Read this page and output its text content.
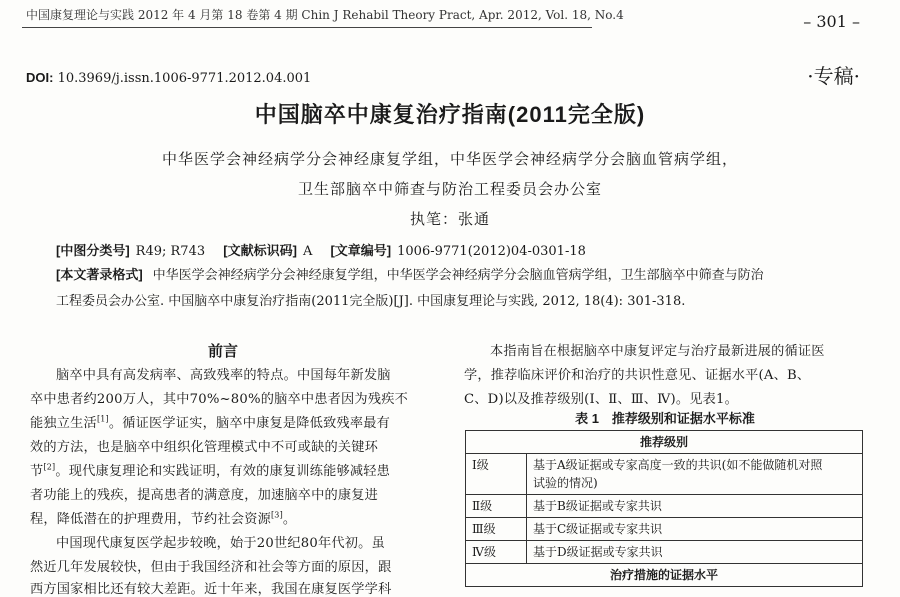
中国康复理论与实践 2012 年 4 月第 18 卷第 4 期 Chin J Rehabil Theory Pract, Apr. 2012, Vol. 18, No.4	– 301 –
DOI: 10.3969/j.issn.1006-9771.2012.04.001	·专稿·
中国脑卒中康复治疗指南(2011完全版)
中华医学会神经病学分会神经康复学组，中华医学会神经病学分会脑血管病学组，
卫生部脑卒中筛查与防治工程委员会办公室
执笔：张通
[中图分类号] R49; R743 [文献标识码] A [文章编号] 1006-9771(2012)04-0301-18
[本文著录格式] 中华医学会神经病学分会神经康复学组，中华医学会神经病学分会脑血管病学组，卫生部脑卒中筛查与防治
工程委员会办公室. 中国脑卒中康复治疗指南(2011完全版)[J]. 中国康复理论与实践, 2012, 18(4): 301-318.
前言
脑卒中具有高发病率、高致残率的特点。中国每年新发脑
卒中患者约200万人，其中70%~80%的脑卒中患者因为残疾不
能独立生活[1]。循证医学证实，脑卒中康复是降低致残率最有
效的方法，也是脑卒中组织化管理模式中不可或缺的关键环
节[2]。现代康复理论和实践证明，有效的康复训练能够减轻患
者功能上的残疾，提高患者的满意度，加速脑卒中的康复进
程，降低潜在的护理费用，节约社会资源[3]。
中国现代康复医学起步较晚，始于20世纪80年代初。虽
然近几年发展较快，但由于我国经济和社会等方面的原因，跟
西方国家相比还有较大差距。近十年来，我国在康复医学学科
本指南旨在根据脑卒中康复评定与治疗最新进展的循证医
学，推荐临床评价和治疗的共识性意见、证据水平(A、B、
C、D)以及推荐级别(Ⅰ、Ⅱ、Ⅲ、Ⅳ)。见表1。
表 1　推荐级别和证据水平标准
推荐级别	
Ⅰ级	基于A级证据或专家高度一致的共识(如不能做随机对照
试验的情况)
Ⅱ级	基于B级证据或专家共识
Ⅲ级	基于C级证据或专家共识
Ⅳ级	基于D级证据或专家共识
治疗措施的证据水平	
